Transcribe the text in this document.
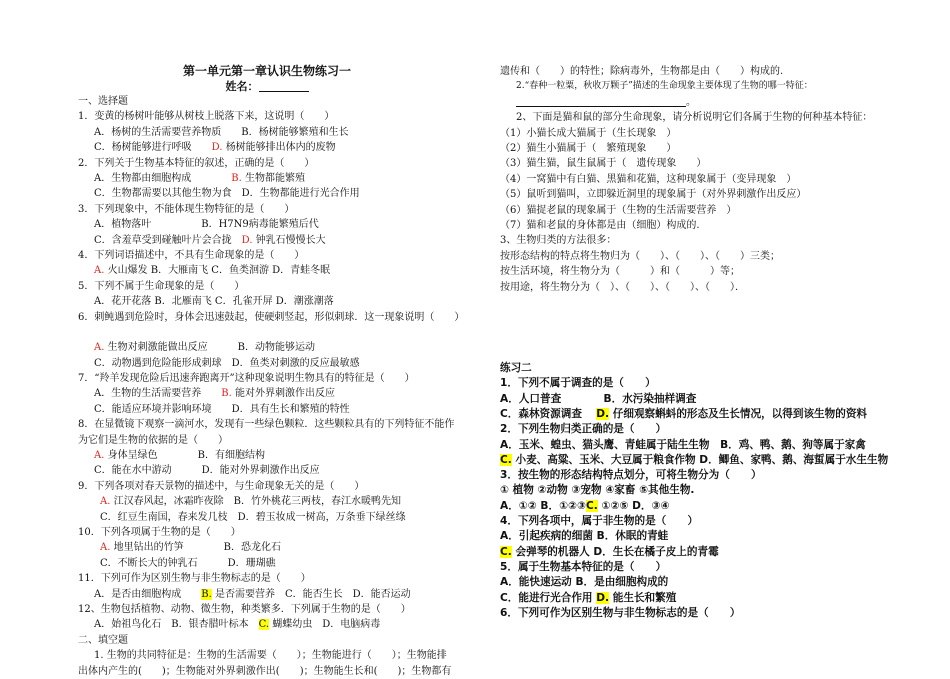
第一单元第一章认识生物练习一
姓名：
一、选择题
1．变黄的杨树叶能够从树枝上脱落下来，这说明（　　）
A．杨树的生活需要营养物质　　 B．杨树能够繁殖和生长
C．杨树能够进行呼吸　　 D. 杨树能够排出体内的废物
2．下列关于生物基本特征的叙述，正确的是（　　）
A．生物都由细胞构成　　　　	B. 生物都能繁殖
C．生物都需要以其他生物为食　 D．生物都能进行光合作用
3．下列现象中，不能体现生物特征的是（　　）
A．植物落叶　　　　　	B．H7N9病毒能繁殖后代
C．含羞草受到碰触叶片会合拢　 D. 钟乳石慢慢长大
4．下列词语描述中，不具有生命现象的是（　　）
A. 火山爆发 B．大雁南飞 C．鱼类洄游 D．青蛙冬眠
5．下列不属于生命现象的是（　　）
A．花开花落 B．北雁南飞 C．孔雀开屏 D．潮涨潮落
6．刺鲀遇到危险时，身体会迅速鼓起，使硬刺竖起，形似刺球．这一现象说明（　　）
A. 生物对刺激能做出反应　　　	B．动物能够运动
C．动物遇到危险能形成刺球　 D．鱼类对刺激的反应最敏感
7．“羚羊发现危险后迅速奔跑离开”这种现象说明生物具有的特征是（　　）
A．生物的生活需要营养　　 B. 能对外界刺激作出反应
C．能适应环境并影响环境　　 D．具有生长和繁殖的特性
8．在显微镜下观察一滴河水，发现有一些绿色颗粒．这些颗粒具有的下列特征不能作为它们是生物的依据的是（　　）
A. 身体呈绿色　　　　	B．有细胞结构
C．能在水中游动　　　	D．能对外界刺激作出反应
9．下列各项对春天景物的描述中，与生命现象无关的是（　　）
A. 江汉春风起，冰霜昨夜除　 B．竹外桃花三两枝，春江水暖鸭先知
C．红豆生南国，春来发几枝　 D．碧玉妆成一树高，万条垂下绿丝绦
10．下列各项属于生物的是（　　）
A. 地里钻出的竹笋　　　　	B．恐龙化石
C．不断长大的钟乳石　　　	D．珊瑚礁
11．下列可作为区别生物与非生物标志的是（　　）
A．是否由细胞构成　　 B. 是否需要营养　 C．能否生长　 D．能否运动
12、生物包括植物、动物、微生物，种类繁多．下列属于生物的是（　　）
A．始祖鸟化石　 B．银杏腊叶标本　 C. 蝴蝶幼虫　 D．电脑病毒
二、填空题
1. 生物的共同特征是：生物的生活需要（　　）；生物能进行（　　）；生物能排出体内产生的(　　)；生物能对外界刺激作出(　　)；生物能生长和(　　)；生物都有
遗传和（　　）的特性；除病毒外，生物都是由（　　）构成的.
2.“春种一粒粟，秋收万颗子”描述的生命现象主要体现了生物的哪一特征：
。
2、下面是猫和鼠的部分生命现象，请分析说明它们各属于生物的何种基本特征：
（1）小猫长成大猫属于（生长现象　）
（2）猫生小猫属于（　繁殖现象　　）
（3）猫生猫，鼠生鼠属于（　遗传现象　　）
（4）一窝猫中有白猫、黑猫和花猫，这种现象属于（变异现象　）
（5）鼠听到猫叫，立即躲近洞里的现象属于（对外界刺激作出反应）
（6）猫捉老鼠的现象属于（生物的生活需要营养　）
（7）猫和老鼠的身体都是由（细胞）构成的.
3、生物归类的方法很多：
按形态结构的特点将生物归为（　　）、（　　）、（　　）三类；
按生活环境，将生物分为（　　　）和（　　　）等；
按用途，将生物分为（　）、（　　）、（　　）、（　　）．
练习二
1．下列不属于调查的是（　　）
A．人口普查　　　　B．水污染抽样调查
C．森林资源调查　 D. 仔细观察蝌蚪的形态及生长情况，以得到该生物的资料
2．下列生物归类正确的是（　　）
A．玉米、蝗虫、猫头鹰、青蛙属于陆生生物　B．鸡、鸭、鹅、狗等属于家禽
C. 小麦、高粱、玉米、大豆属于粮食作物 D．鲫鱼、家鸭、鹅、海蜇属于水生生物
3．按生物的形态结构特点划分，可将生物分为（　　）
① 植物 ②动物 ③宠物 ④家畜 ⑤其他生物.
A．①② B．①②③C. ①②⑤ D．③④
4．下列各项中，属于非生物的是（　　）
A．引起疾病的细菌 B．休眠的青蛙
C. 会弹琴的机器人 D．生长在橘子皮上的青霉
5．属于生物基本特征的是（　　）
A．能快速运动 B．是由细胞构成的
C．能进行光合作用 D. 能生长和繁殖
6．下列可作为区别生物与非生物标志的是（　　）
